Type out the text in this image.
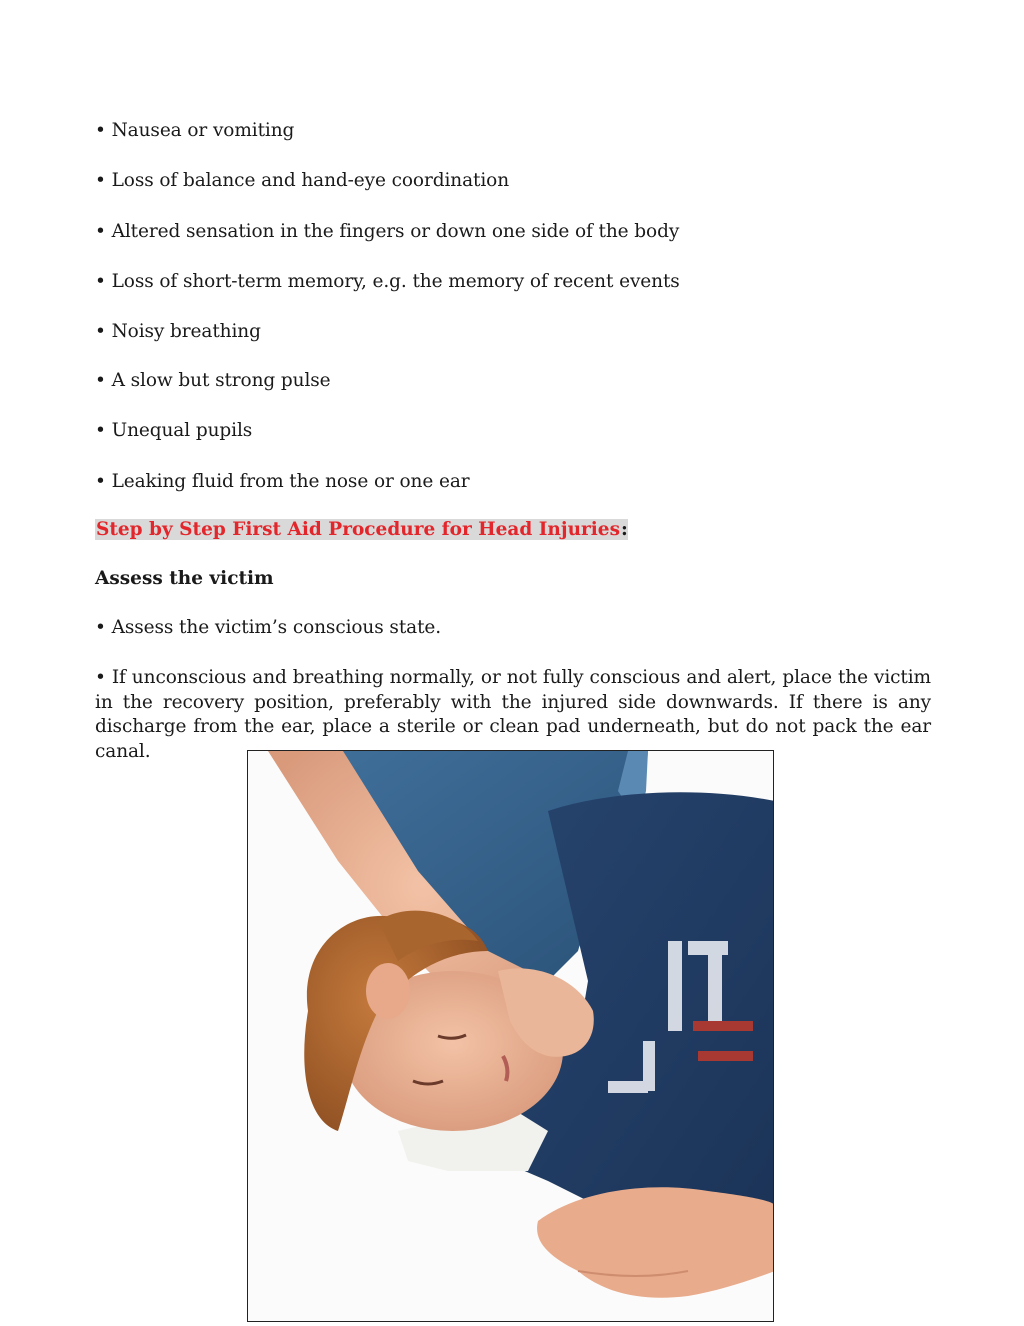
• Nausea or vomiting

• Loss of balance and hand-eye coordination

• Altered sensation in the fingers or down one side of the body

• Loss of short-term memory, e.g. the memory of recent events

• Noisy breathing

• A slow but strong pulse

• Unequal pupils

• Leaking fluid from the nose or one ear

Step by Step First Aid Procedure for Head Injuries:

Assess the victim

• Assess the victim’s conscious state.

• If unconscious and breathing normally, or not fully conscious and alert, place the victim in the recovery position, preferably with the injured side downwards. If there is any discharge from the ear, place a sterile or clean pad underneath, but do not pack the ear canal.
